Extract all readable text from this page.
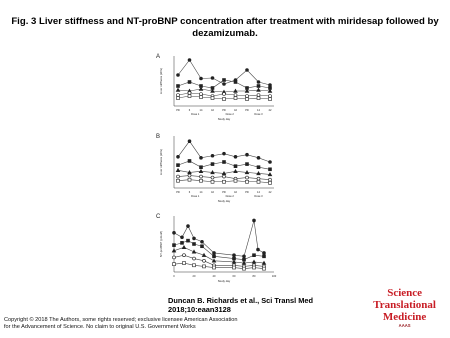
Fig. 3 Liver stiffness and NT-proBNP concentration after treatment with miridesap followed by dezamizumab.
A
Liver stiffness (kPa)
PD	6	14	42	PD	42	PD	14	42
Dose 1	Dose 2	Dose 3
Study day
B
Liver stiffness (kPa)
PD	6	14	42	PD	42	PD	14	42
Dose 1	Dose 2	Dose 3
Study day
C
NT-proBNP (pmol/l)
0	20	40	60	80	100
Study day
Duncan B. Richards et al., Sci Transl Med
2018;10:eaan3128
Copyright © 2018 The Authors, some rights reserved; exclusive licensee American Association
for the Advancement of Science. No claim to original U.S. Government Works
Science
Translational
Medicine
AAAS
